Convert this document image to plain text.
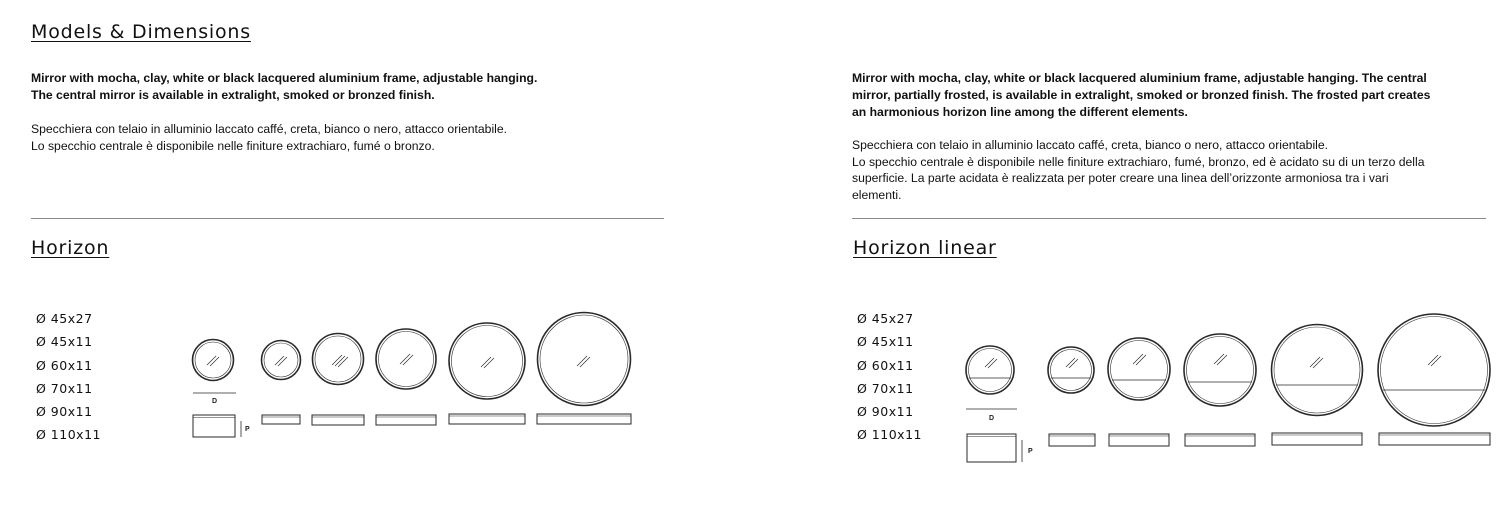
Models & Dimensions
Mirror with mocha, clay, white or black lacquered aluminium frame, adjustable hanging.
The central mirror is available in extralight, smoked or bronzed finish.
Specchiera con telaio in alluminio laccato caffé, creta, bianco o nero, attacco orientabile.
Lo specchio centrale è disponibile nelle finiture extrachiaro, fumé o bronzo.
Horizon
Ø 45x27
Ø 45x11
Ø 60x11
Ø 70x11
Ø 90x11
Ø 110x11
Mirror with mocha, clay, white or black lacquered aluminium frame, adjustable hanging. The central
mirror, partially frosted, is available in extralight, smoked or bronzed finish. The frosted part creates
an harmonious horizon line among the different elements.
Specchiera con telaio in alluminio laccato caffé, creta, bianco o nero, attacco orientabile.
Lo specchio centrale è disponibile nelle finiture extrachiaro, fumé, bronzo, ed è acidato su di un terzo della
superficie. La parte acidata è realizzata per poter creare una linea dell’orizzonte armoniosa tra i vari
elementi.
Horizon linear
Ø 45x27
Ø 45x11
Ø 60x11
Ø 70x11
Ø 90x11
Ø 110x11
D
P
D
P
